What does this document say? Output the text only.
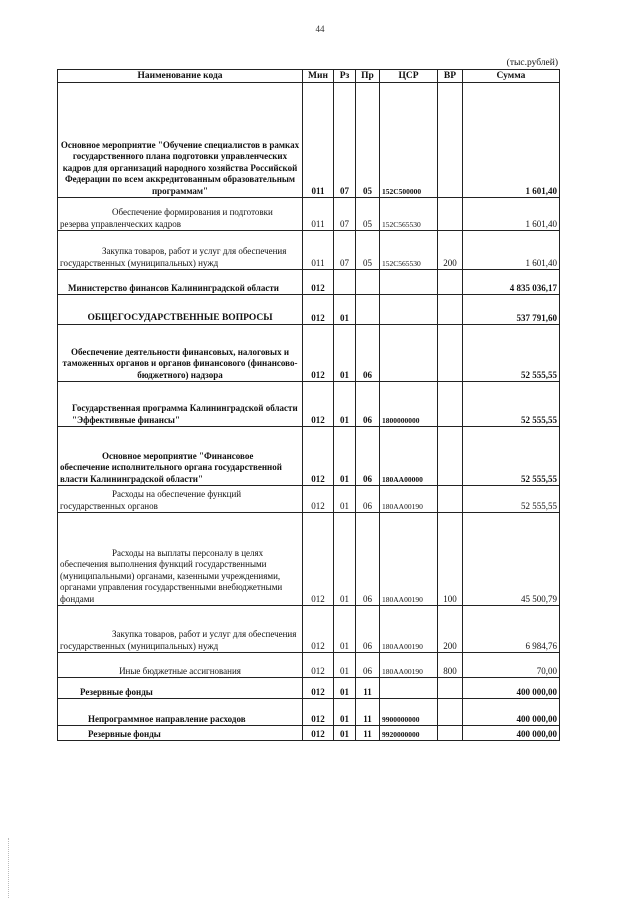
44
(тыс.рублей)
Наименование кода	Мин	Рз	Пр	ЦСР	ВР	Сумма
Основное мероприятие "Обучение специалистов в рамках государственного плана подготовки управленческих кадров для организаций народного хозяйства Российской Федерации по всем аккредитованным образовательным программам"	011	07	05	152C500000		1 601,40
Обеспечение формирования и подготовки резерва управленческих кадров	011	07	05	152C565530		1 601,40
Закупка товаров, работ и услуг для обеспечения государственных (муниципальных) нужд	011	07	05	152C565530	200	1 601,40
Министерство финансов Калининградской области	012					4 835 036,17
ОБЩЕГОСУДАРСТВЕННЫЕ ВОПРОСЫ	012	01				537 791,60
Обеспечение деятельности финансовых, налоговых и таможенных органов и органов финансового (финансово-бюджетного) надзора	012	01	06			52 555,55
Государственная программа Калининградской области "Эффективные финансы"	012	01	06	1800000000		52 555,55
Основное мероприятие "Финансовое обеспечение исполнительного органа государственной власти Калининградской области"	012	01	06	180АА00000		52 555,55
Расходы на обеспечение функций государственных органов	012	01	06	180АА00190		52 555,55
Расходы на выплаты персоналу в целях обеспечения выполнения функций государственными (муниципальными) органами, казенными учреждениями, органами управления государственными внебюджетными фондами	012	01	06	180АА00190	100	45 500,79
Закупка товаров, работ и услуг для обеспечения государственных (муниципальных) нужд	012	01	06	180АА00190	200	6 984,76
Иные бюджетные ассигнования	012	01	06	180АА00190	800	70,00
Резервные фонды	012	01	11			400 000,00
Непрограммное направление расходов	012	01	11	9900000000		400 000,00
Резервные фонды	012	01	11	9920000000		400 000,00
